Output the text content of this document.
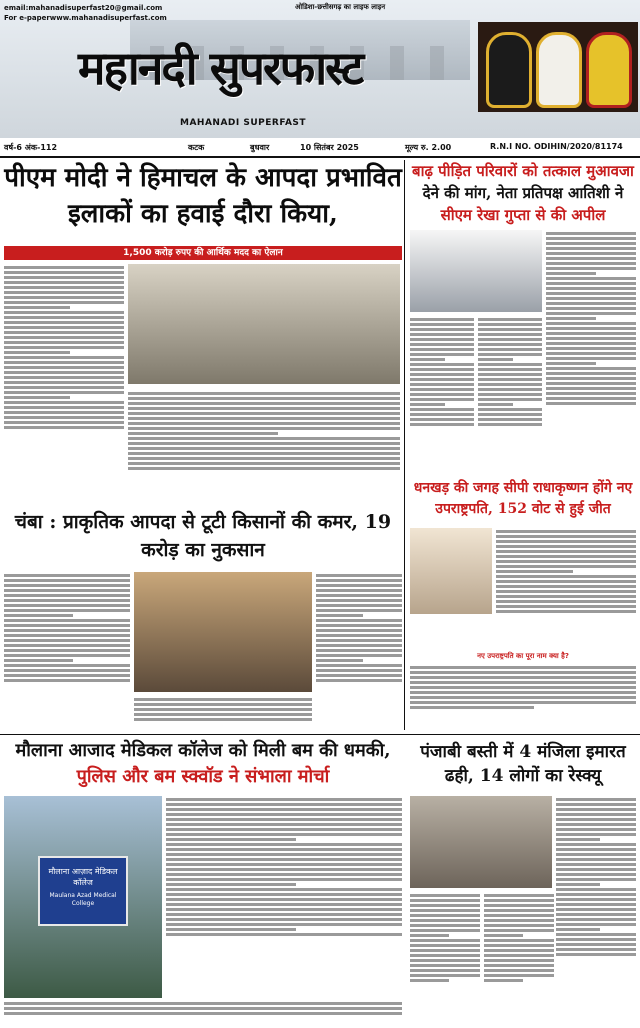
email:mahanadisuperfast20@gmail.com
For e-paperwww.mahanadisuperfast.com
ओडिशा-छत्तीसगढ़ का लाइफ लाइन
महानदी सुपरफास्ट
MAHANADI SUPERFAST
वर्ष-6 अंक-112	कटक	बुधवार	10 सितंबर 2025	मूल्य रु. 2.00	R.N.I NO. ODIHIN/2020/81174
पीएम मोदी ने हिमाचल के आपदा प्रभावित
इलाकों का हवाई दौरा किया,
1,500 करोड़ रुपए की आर्थिक मदद का ऐलान
बाढ़ पीड़ित परिवारों को तत्काल मुआवजा
देने की मांग, नेता प्रतिपक्ष आतिशी ने
सीएम रेखा गुप्ता से की अपील
चंबा : प्राकृतिक आपदा से टूटी किसानों की कमर, 19
करोड़ का नुकसान
धनखड़ की जगह सीपी राधाकृष्णन होंगे नए
उपराष्ट्रपति, 152 वोट से हुई जीत
नए उपराष्ट्रपति का पूरा नाम क्या है?
मौलाना आजाद मेडिकल कॉलेज को मिली बम की धमकी,
पुलिस और बम स्क्वॉड ने संभाला मोर्चा
मौलाना आज़ाद मेडिकल कॉलेज
Maulana Azad Medical College
पंजाबी बस्ती में 4 मंजिला इमारत
ढही, 14 लोगों का रेस्क्यू
